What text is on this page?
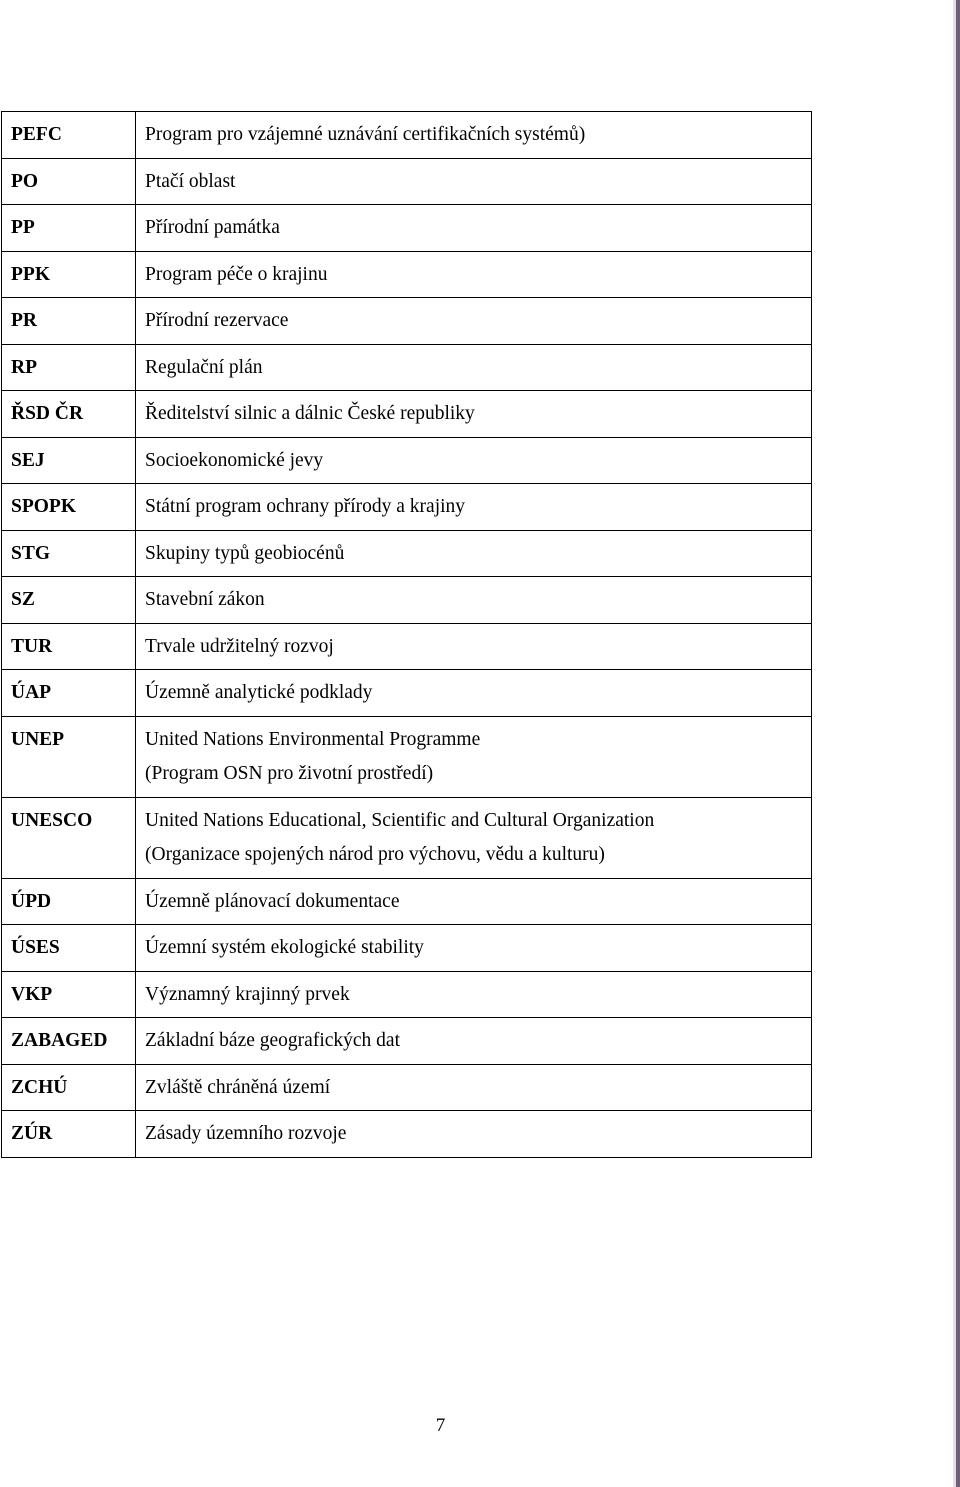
PEFC	Program pro vzájemné uznávání certifikačních systémů)

PO	Ptačí oblast

PP	Přírodní památka

PPK	Program péče o krajinu

PR	Přírodní rezervace

RP	Regulační plán

ŘSD ČR	Ředitelství silnic a dálnic České republiky

SEJ	Socioekonomické jevy

SPOPK	Státní program ochrany přírody a krajiny

STG	Skupiny typů geobiocénů

SZ	Stavební zákon

TUR	Trvale udržitelný rozvoj

ÚAP	Územně analytické podklady

UNEP	United Nations Environmental Programme
(Program OSN pro životní prostředí)

UNESCO	United Nations Educational, Scientific and Cultural Organization
(Organizace spojených národ pro výchovu, vědu a kulturu)

ÚPD	Územně plánovací dokumentace

ÚSES	Územní systém ekologické stability

VKP	Významný krajinný prvek

ZABAGED	Základní báze geografických dat

ZCHÚ	Zvláště chráněná území

ZÚR	Zásady územního rozvoje
7
